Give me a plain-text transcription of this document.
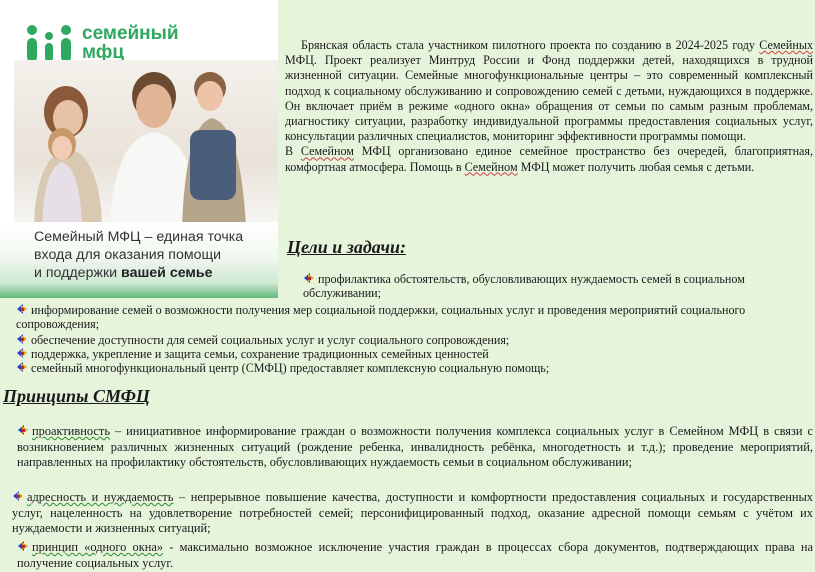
семейный
мфц
Семейный МФЦ – единая точка
входа для оказания помощи
и поддержки вашей семье

Брянская область стала участником пилотного проекта по созданию в 2024-2025 году Семейных МФЦ. Проект реализует Минтруд России и Фонд поддержки детей, находящихся в трудной жизненной ситуации. Семейные многофункциональные центры – это современный комплексный подход к социальному обслуживанию и сопровождению семей с детьми, нуждающихся в поддержке. Он включает приём в режиме «одного окна» обращения от семьи по самым разным проблемам, диагностику ситуации, разработку индивидуальной программы предоставления социальных услуг, консультации различных специалистов, мониторинг эффективности программы помощи.

В Семейном МФЦ организовано единое семейное пространство без очередей, благоприятная, комфортная атмосфера. Помощь в Семейном МФЦ может получить любая семья с детьми.

Цели и задачи:

профилактика обстоятельств, обусловливающих нуждаемость семей в социальном обслуживании;

информирование семей о возможности получения мер социальной поддержки, социальных услуг и проведения мероприятий социального сопровождения;

обеспечение доступности для семей социальных услуг и услуг социального сопровождения;

поддержка, укрепление и защита семьи, сохранение традиционных семейных ценностей

семейный многофункциональный центр (СМФЦ) предоставляет комплексную социальную помощь;

Принципы СМФЦ

проактивность – инициативное информирование граждан о возможности получения комплекса социальных услуг в Семейном МФЦ в связи с возникновением различных жизненных ситуаций (рождение ребенка, инвалидность ребёнка, многодетность и т.д.); проведение мероприятий, направленных на профилактику обстоятельств, обусловливающих нуждаемость семьи в социальном обслуживании;

адресность и нуждаемость – непрерывное повышение качества, доступности и комфортности предоставления социальных и государственных услуг, нацеленность на удовлетворение потребностей семей; персонифицированный подход, оказание адресной помощи семьям с учётом их нуждаемости и жизненных ситуаций;

принцип «одного окна» - максимально возможное исключение участия граждан в процессах сбора документов, подтверждающих права на получение социальных услуг.
